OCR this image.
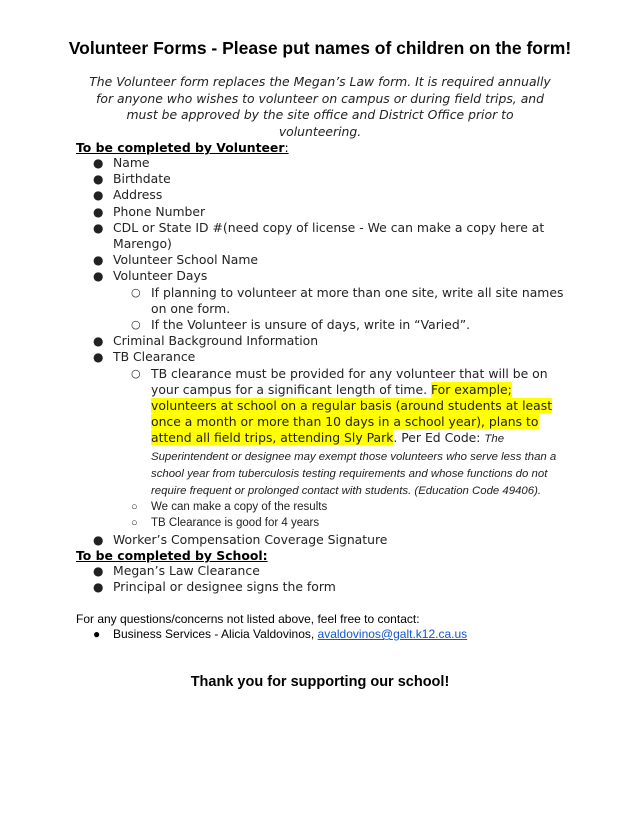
Volunteer Forms - Please put names of children on the form!
The Volunteer form replaces the Megan’s Law form. It is required annually for anyone who wishes to volunteer on campus or during field trips, and must be approved by the site office and District Office prior to volunteering.
To be completed by Volunteer:
● Name
● Birthdate
● Address
● Phone Number
● CDL or State ID #(need copy of license - We can make a copy here at Marengo)
● Volunteer School Name
● Volunteer Days
○ If planning to volunteer at more than one site, write all site names on one form.
○ If the Volunteer is unsure of days, write in “Varied”.
● Criminal Background Information
● TB Clearance
○ TB clearance must be provided for any volunteer that will be on your campus for a significant length of time. For example; volunteers at school on a regular basis (around students at least once a month or more than 10 days in a school year), plans to attend all field trips, attending Sly Park. Per Ed Code: The Superintendent or designee may exempt those volunteers who serve less than a school year from tuberculosis testing requirements and whose functions do not require frequent or prolonged contact with students. (Education Code 49406).
○ We can make a copy of the results
○ TB Clearance is good for 4 years
● Worker’s Compensation Coverage Signature
To be completed by School:
● Megan’s Law Clearance
● Principal or designee signs the form
For any questions/concerns not listed above, feel free to contact:
● Business Services - Alicia Valdovinos, avaldovinos@galt.k12.ca.us
Thank you for supporting our school!
